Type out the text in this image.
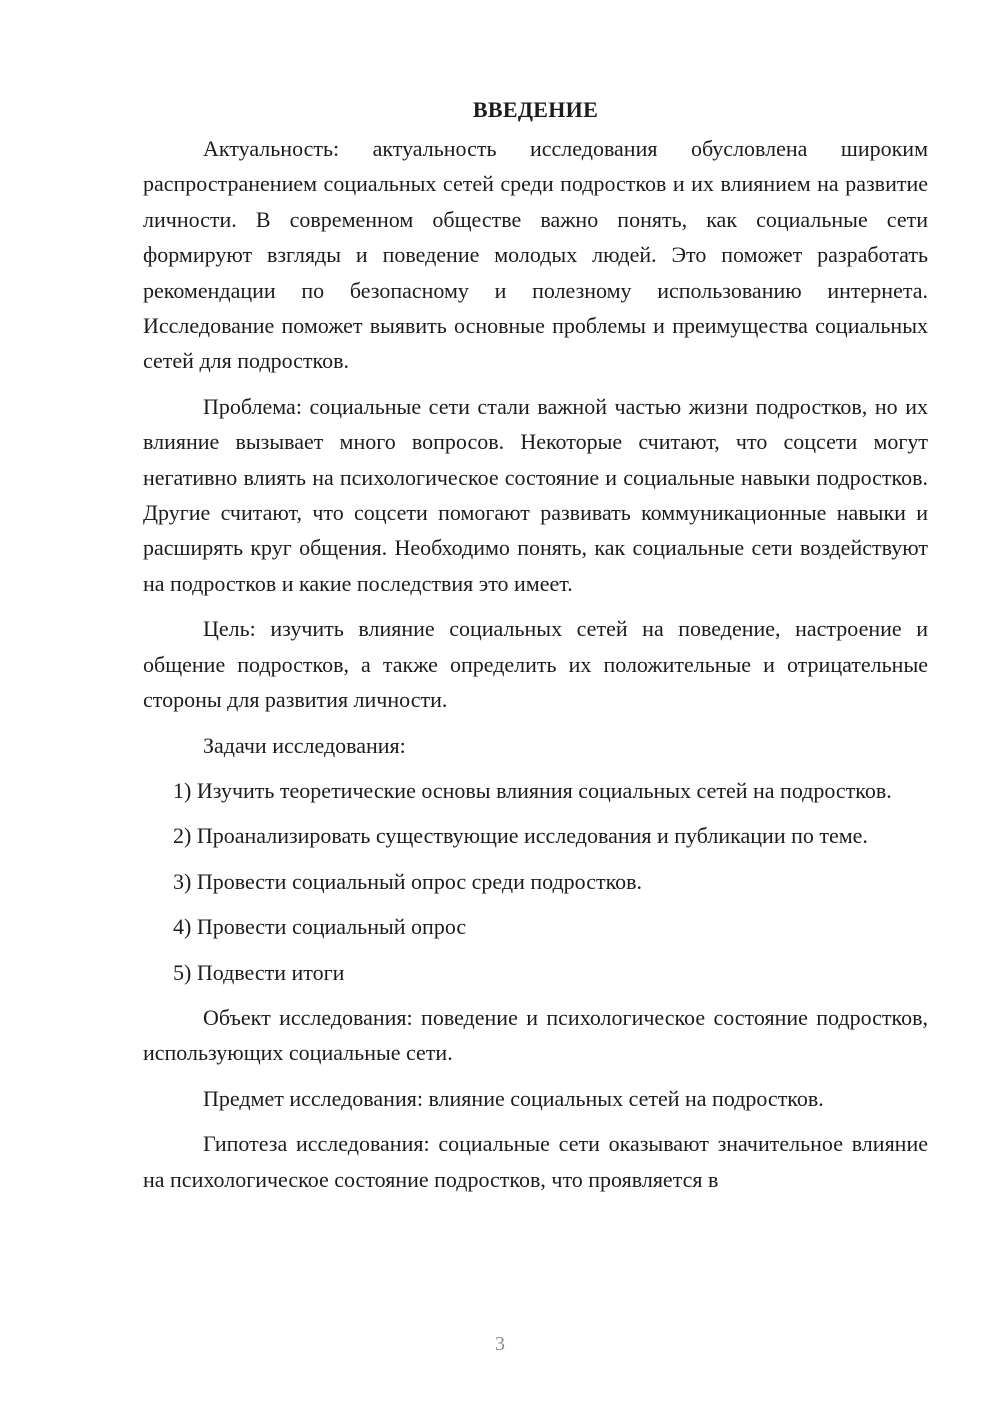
ВВЕДЕНИЕ

Актуальность: актуальность исследования обусловлена широким распространением социальных сетей среди подростков и их влиянием на развитие личности. В современном обществе важно понять, как социальные сети формируют взгляды и поведение молодых людей. Это поможет разработать рекомендации по безопасному и полезному использованию интернета. Исследование поможет выявить основные проблемы и преимущества социальных сетей для подростков.

Проблема: социальные сети стали важной частью жизни подростков, но их влияние вызывает много вопросов. Некоторые считают, что соцсети могут негативно влиять на психологическое состояние и социальные навыки подростков. Другие считают, что соцсети помогают развивать коммуникационные навыки и расширять круг общения. Необходимо понять, как социальные сети воздействуют на подростков и какие последствия это имеет.

Цель: изучить влияние социальных сетей на поведение, настроение и общение подростков, а также определить их положительные и отрицательные стороны для развития личности.

Задачи исследования:

1) Изучить теоретические основы влияния социальных сетей на подростков.

2) Проанализировать существующие исследования и публикации по теме.

3) Провести социальный опрос среди подростков.

4) Провести социальный опрос

5) Подвести итоги

Объект исследования: поведение и психологическое состояние подростков, использующих социальные сети.

Предмет исследования: влияние социальных сетей на подростков.

Гипотеза исследования: социальные сети оказывают значительное влияние на психологическое состояние подростков, что проявляется в

3
